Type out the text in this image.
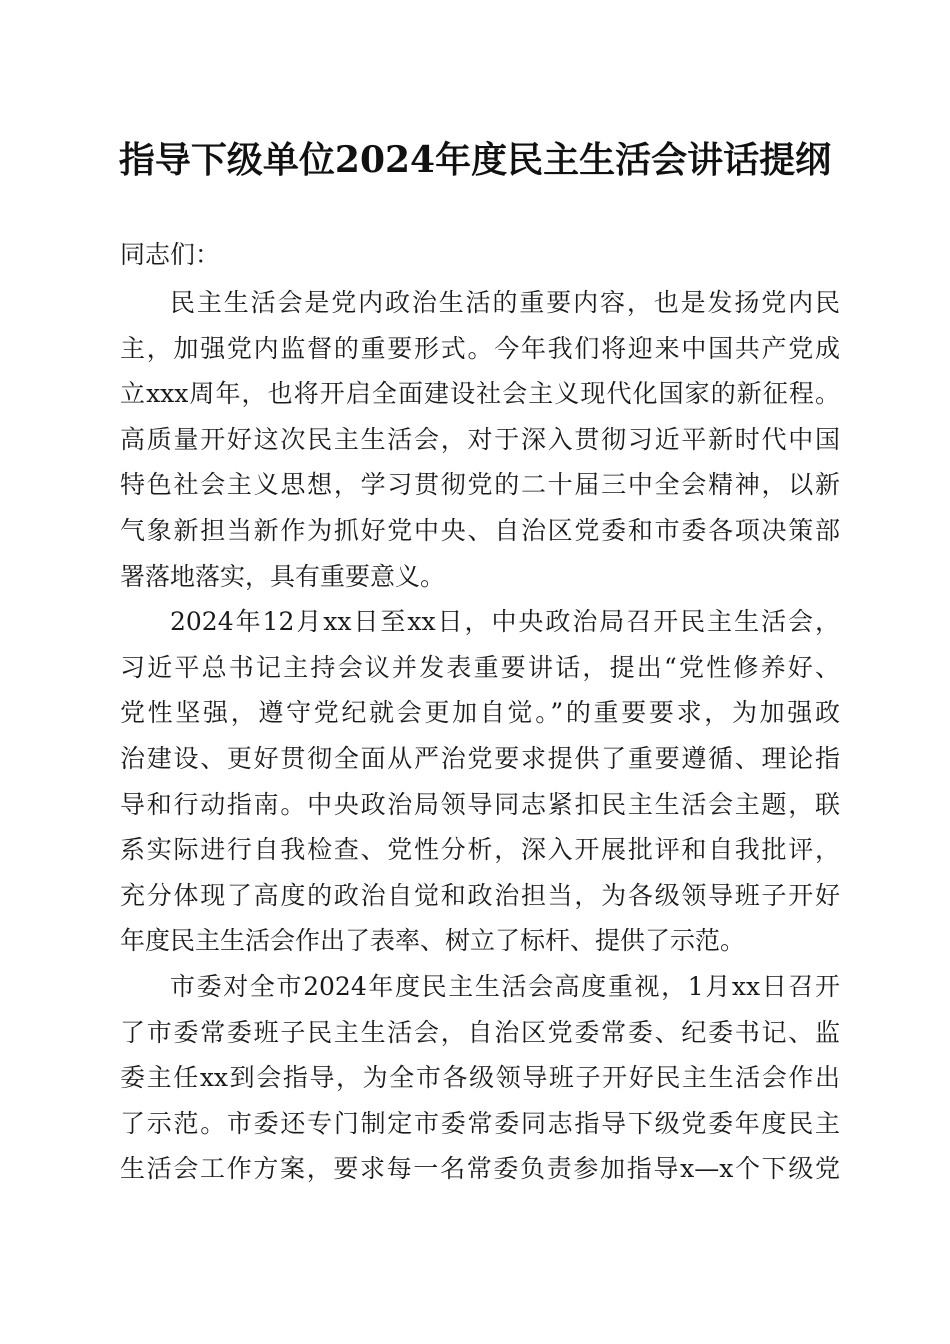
指导下级单位2024年度民主生活会讲话提纲
同志们：
民主生活会是党内政治生活的重要内容，也是发扬党内民
主，加强党内监督的重要形式。今年我们将迎来中国共产党成
立xxx周年，也将开启全面建设社会主义现代化国家的新征程。
高质量开好这次民主生活会，对于深入贯彻习近平新时代中国
特色社会主义思想，学习贯彻党的二十届三中全会精神，以新
气象新担当新作为抓好党中央、自治区党委和市委各项决策部
署落地落实，具有重要意义。
2024年12月xx日至xx日，中央政治局召开民主生活会，
习近平总书记主持会议并发表重要讲话，提出“党性修养好、
党性坚强，遵守党纪就会更加自觉。”的重要要求，为加强政
治建设、更好贯彻全面从严治党要求提供了重要遵循、理论指
导和行动指南。中央政治局领导同志紧扣民主生活会主题，联
系实际进行自我检查、党性分析，深入开展批评和自我批评，
充分体现了高度的政治自觉和政治担当，为各级领导班子开好
年度民主生活会作出了表率、树立了标杆、提供了示范。
市委对全市2024年度民主生活会高度重视，1月xx日召开
了市委常委班子民主生活会，自治区党委常委、纪委书记、监
委主任xx到会指导，为全市各级领导班子开好民主生活会作出
了示范。市委还专门制定市委常委同志指导下级党委年度民主
生活会工作方案，要求每一名常委负责参加指导x—x个下级党
